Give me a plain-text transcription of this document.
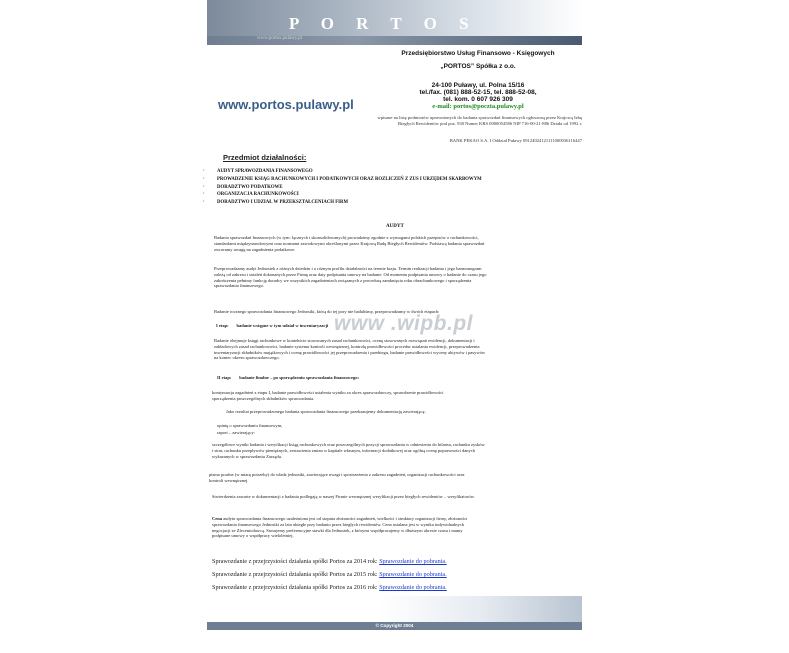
P O R T O S
www.portos.pulawy.pl
www.portos.pulawy.pl
Przedsiębiorstwo Usług Finansowo - Księgowych
„PORTOS” Spółka z o.o.
24-100 Puławy, ul. Polna 15/16
tel./fax. (081) 888-52-15, tel. 888-52-08,
tel. kom. 0 607 926 309
e-mail: portos@poczta.pulawy.pl
wpisane na listę podmiotów uprawnionych do badania sprawozdań finansowych ogłoszoną przez Krajową Izbę Biegłych Rewidentów pod poz. 930 Numer KRS 0000054586 NIP 716-00-21-886 Działa od 1992 r.
BANK PEKAO S.A. I Oddział Puławy 09124024121111000036116447
Przedmiot działalności:
·	AUDYT SPRAWOZDANIA FINANSOWEGO
·	PROWADZENIE KSIĄG RACHUNKOWYCH I PODATKOWYCH ORAZ ROZLICZEŃ Z ZUS I URZĘDEM SKARBOWYM
·	DORADZTWO PODATKOWE
·	ORGANIZACJA RACHUNKOWOŚCI
·	DORADZTWO I UDZIAŁ W PRZEKSZTAŁCENIACH FIRM
AUDYT
Badania sprawozdań finansowych (w tym: łącznych i skonsolidowanych) prowadzimy zgodnie z wymogami polskich przepisów o rachunkowości, standardami międzynarodowymi oraz normami zawodowymi określonymi przez Krajową Radę Biegłych Rewidentów. Podstawą badania sprawozdań zwracamy uwagę na zagadnienia podatkowe.
Przeprowadzamy audyt Jednostek z różnych dziedzin i o różnym profilu działalności na terenie kraju. Termin realizacji badania i jego harmonogram zależą od zakresu i ustaleń dokonanych przez Firmę oraz daty podpisania umowy na badanie. Od momentu podpisania umowy o badanie do czasu jego zakończenia pełnimy funkcję doradcy we wszystkich zagadnieniach związanych z procedurą zamknięcia roku obrachunkowego i sporządzenia sprawozdania finansowego.
Badanie rocznego sprawozdania finansowego Jednostki, którą do tej pory nie badaliśmy, przeprowadzamy w dwóch etapach:
I etap: badanie wstępne w tym udział w inwentaryzacji www .wipb.pl
Badanie obejmuje księgi rachunkowe w kontekście stosowanych zasad rachunkowości, ocenę stosowanych rozwiązań ewidencji, dokumentacji i zakładowych zasad rachunkowości, badanie systemu kontroli wewnętrznej, kontrolę prawidłowości procedur ustalania ewidencji, przeprowadzenia inwentaryzacji składników majątkowych i ocenę prawidłowości jej przeprowadzenia i przebiegu, badanie prawidłowości wyceny aktywów i pasywów na koniec okresu sprawozdawczego.
II etap: badanie finalne – po sporządzeniu sprawozdania finansowego:
kontynuacja zagadnień z etapu I, badanie prawidłowości ustalenia wyniku za okres sprawozdawczy, sprawdzenie prawidłowości sporządzenia poszczególnych składników sprawozdania.
Jako rezultat przeprowadzonego badania sprawozdania finansowego przekazujemy dokumentację zawierającą:
opinię o sprawozdaniu finansowym,
raport – zawierający:
szczegółowe wyniki badania i weryfikacji ksiąg rachunkowych oraz poszczególnych pozycji sprawozdania w odniesieniu do bilansu, rachunku zysków i strat, rachunku przepływów pieniężnych, zestawienia zmian w kapitale własnym, informacji dodatkowej oraz ogólną ocenę poprawności danych wykazanych w sprawozdaniu Zarządu.
pismo poufne (w miarę potrzeby) do władz jednostki, zawierające uwagi i spostrzeżenia z zakresu zagadnień, organizacji rachunkowości oraz kontroli wewnętrznej.
Stwierdzenia zawarte w dokumentacji z badania podlegają w naszej Firmie wewnętrznej weryfikacji przez biegłych rewidentów – weryfikatorów.
Cena audytu sprawozdania finansowego uzależniona jest od stopnia złożoności zagadnień, wielkości i struktury organizacji firmy, złożoności sprawozdania finansowego Jednostki za lata ubiegłe przy badaniu przez biegłych rewidentów. Cena ustalana jest w wyniku indywidualnych negocjacji ze Zleceniodawcą. Stosujemy preferencyjne stawki dla Jednostek, z którymi współpracujemy w dłuższym okresie czasu i mamy podpisane umowy o współpracy wieloletniej.
Sprawozdanie z przejrzystości działania spółki Portos za 2014 rok: Sprawozdanie do pobrania.
Sprawozdanie z przejrzystości działania spółki Portos za 2015 rok: Sprawozdanie do pobrania.
Sprawozdanie z przejrzystości działania spółki Portos za 2016 rok: Sprawozdanie do pobrania.
© Copyright 2004
